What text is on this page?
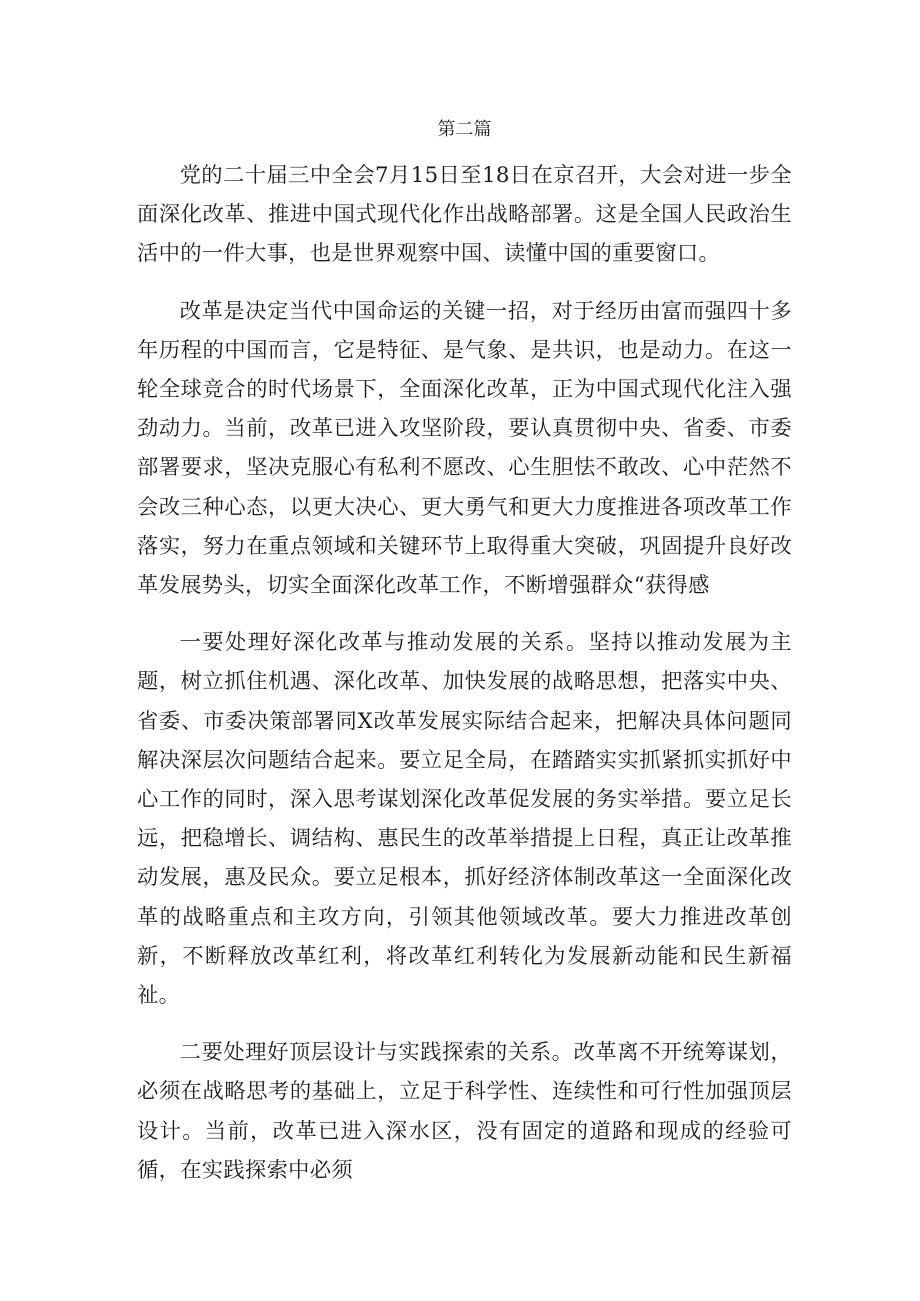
第二篇

党的二十届三中全会7月15日至18日在京召开，大会对进一步全面深化改革、推进中国式现代化作出战略部署。这是全国人民政治生活中的一件大事，也是世界观察中国、读懂中国的重要窗口。

改革是决定当代中国命运的关键一招，对于经历由富而强四十多年历程的中国而言，它是特征、是气象、是共识，也是动力。在这一轮全球竞合的时代场景下，全面深化改革，正为中国式现代化注入强劲动力。当前，改革已进入攻坚阶段，要认真贯彻中央、省委、市委部署要求，坚决克服心有私利不愿改、心生胆怯不敢改、心中茫然不会改三种心态，以更大决心、更大勇气和更大力度推进各项改革工作落实，努力在重点领域和关键环节上取得重大突破，巩固提升良好改革发展势头，切实全面深化改革工作，不断增强群众“获得感

一要处理好深化改革与推动发展的关系。坚持以推动发展为主题，树立抓住机遇、深化改革、加快发展的战略思想，把落实中央、省委、市委决策部署同X改革发展实际结合起来，把解决具体问题同解决深层次问题结合起来。要立足全局，在踏踏实实抓紧抓实抓好中心工作的同时，深入思考谋划深化改革促发展的务实举措。要立足长远，把稳增长、调结构、惠民生的改革举措提上日程，真正让改革推动发展，惠及民众。要立足根本，抓好经济体制改革这一全面深化改革的战略重点和主攻方向，引领其他领域改革。要大力推进改革创新，不断释放改革红利，将改革红利转化为发展新动能和民生新福祉。

二要处理好顶层设计与实践探索的关系。改革离不开统筹谋划，必须在战略思考的基础上，立足于科学性、连续性和可行性加强顶层设计。当前，改革已进入深水区，没有固定的道路和现成的经验可循，在实践探索中必须
